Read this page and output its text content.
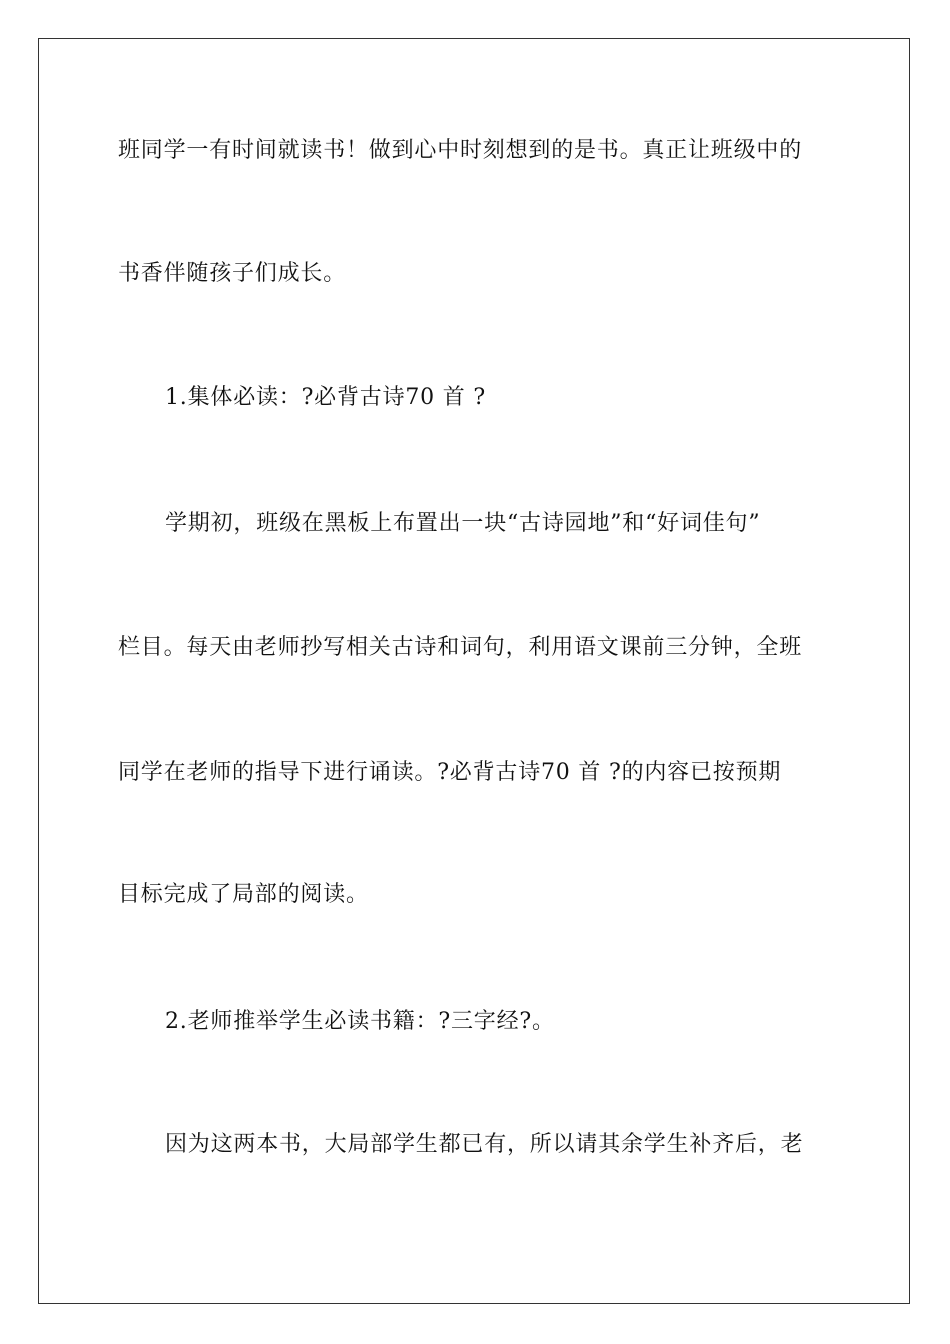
班同学一有时间就读书！做到心中时刻想到的是书。真正让班级中的
书香伴随孩子们成长。
1.集体必读：?必背古诗70 首 ?
学期初，班级在黑板上布置出一块“古诗园地”和“好词佳句”
栏目。每天由老师抄写相关古诗和词句，利用语文课前三分钟，全班
同学在老师的指导下进行诵读。?必背古诗70 首 ?的内容已按预期
目标完成了局部的阅读。
2.老师推举学生必读书籍：?三字经?。
因为这两本书，大局部学生都已有，所以请其余学生补齐后，老
